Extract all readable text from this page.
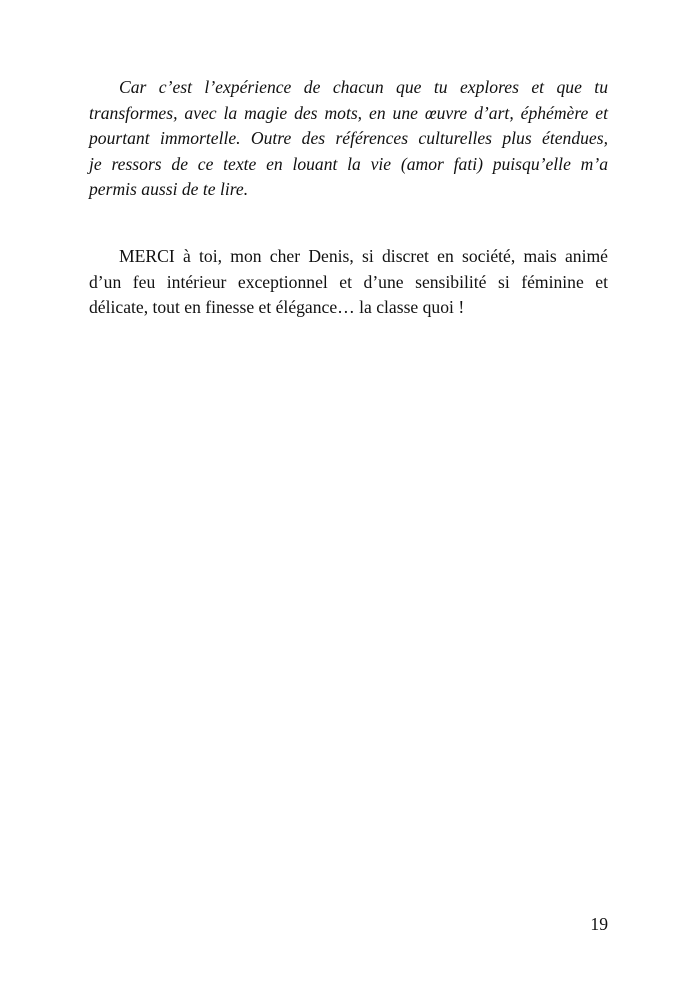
Car c’est l’expérience de chacun que tu explores et que tu
transformes, avec la magie des mots, en une œuvre d’art, éphémère et
pourtant immortelle. Outre des références culturelles plus étendues,
je ressors de ce texte en louant la vie (amor fati) puisqu’elle m’a
permis aussi de te lire.
MERCI à toi, mon cher Denis, si discret en société, mais animé
d’un feu intérieur exceptionnel et d’une sensibilité si féminine et
délicate, tout en finesse et élégance… la classe quoi !
19
